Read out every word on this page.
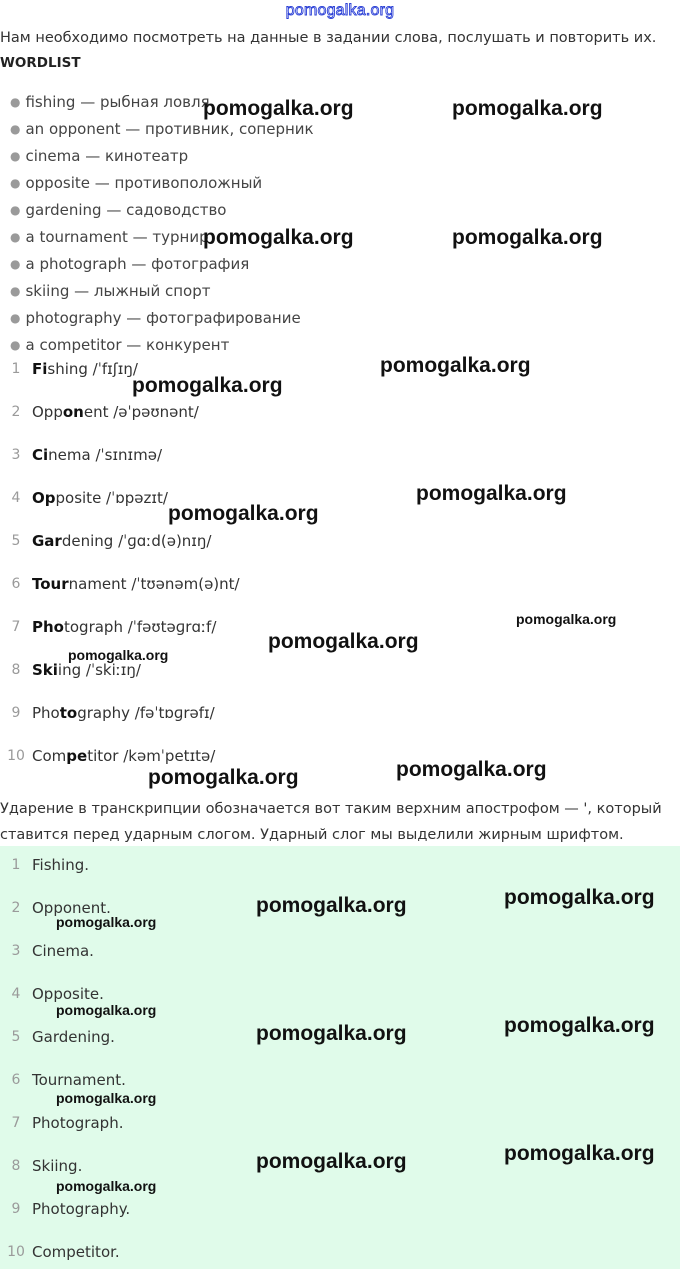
pomogalka.org
Нам необходимо посмотреть на данные в задании слова, послушать и повторить их.
WORDLIST
● fishing — рыбная ловля
● an opponent — противник, соперник
● cinema — кинотеатр
● opposite — противоположный
● gardening — садоводство
● a tournament — турнир
● a photograph — фотография
● skiing — лыжный спорт
● photography — фотографирование
● a competitor — конкурент
1 Fishing /ˈfɪʃɪŋ/
2 Opponent /əˈpəʊnənt/
3 Cinema /ˈsɪnɪmə/
4 Opposite /ˈɒpəzɪt/
5 Gardening /ˈɡɑːd(ə)nɪŋ/
6 Tournament /ˈtʊənəm(ə)nt/
7 Photograph /ˈfəʊtəɡrɑːf/
8 Skiing /ˈskiːɪŋ/
9 Photography /fəˈtɒɡrəfɪ/
10 Competitor /kəmˈpetɪtə/
Ударение в транскрипции обозначается вот таким верхним апострофом — ', который
ставится перед ударным слогом. Ударный слог мы выделили жирным шрифтом.
1 Fishing.
2 Opponent.
3 Cinema.
4 Opposite.
5 Gardening.
6 Tournament.
7 Photograph.
8 Skiing.
9 Photography.
10 Competitor.
pomogalka.org	pomogalka.org
pomogalka.org	pomogalka.org
pomogalka.org
pomogalka.org
pomogalka.org
pomogalka.org
pomogalka.org
pomogalka.org
pomogalka.org
pomogalka.org
pomogalka.org
pomogalka.org
pomogalka.org
pomogalka.org
pomogalka.org
pomogalka.org
pomogalka.org
pomogalka.org
pomogalka.org
pomogalka.org
pomogalka.org
